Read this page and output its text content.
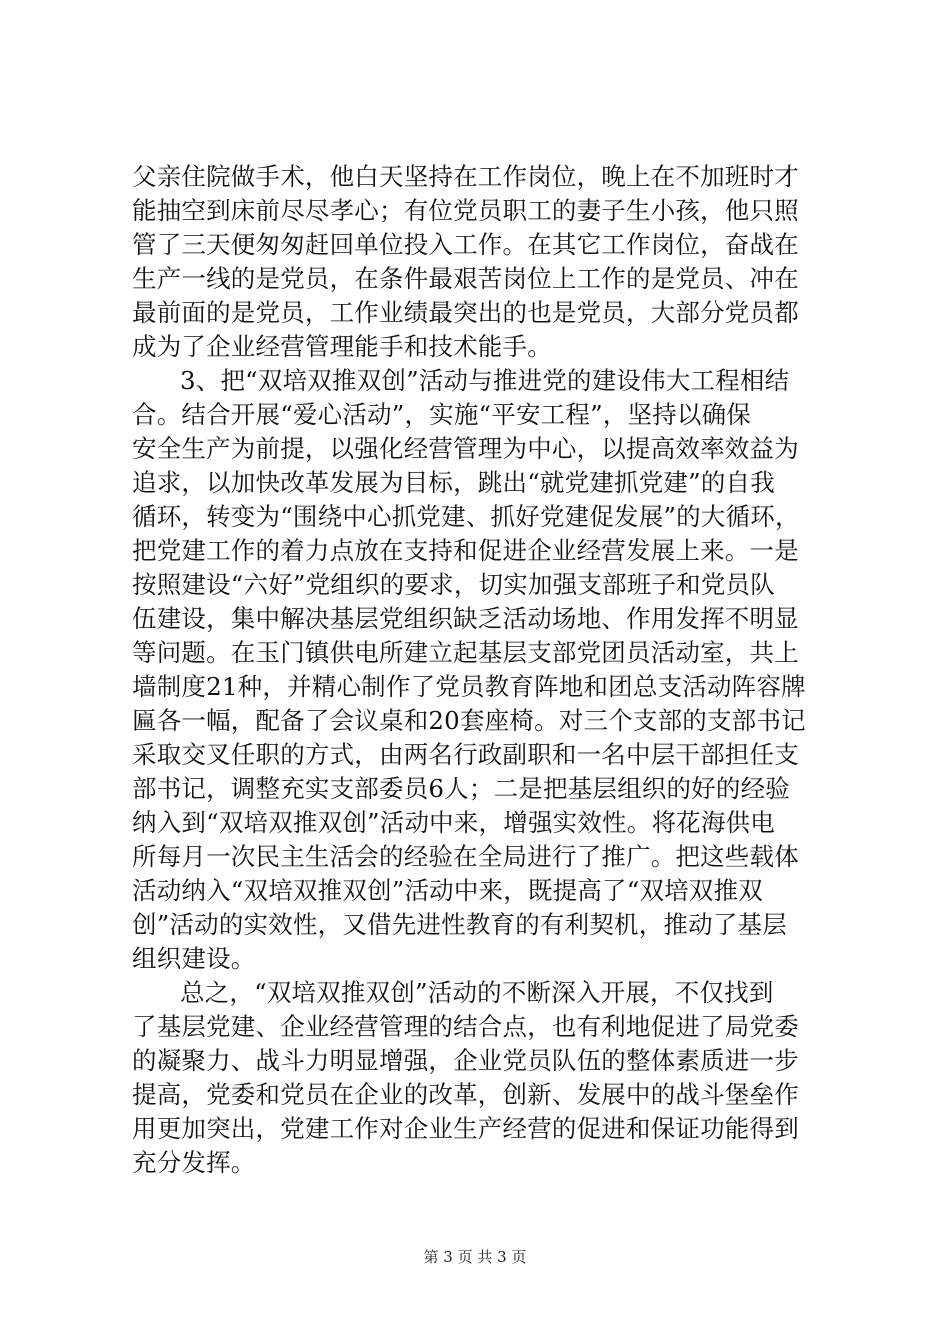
父亲住院做手术，他白天坚持在工作岗位，晚上在不加班时才
能抽空到床前尽尽孝心；有位党员职工的妻子生小孩，他只照
管了三天便匆匆赶回单位投入工作。在其它工作岗位，奋战在
生产一线的是党员，在条件最艰苦岗位上工作的是党员、冲在
最前面的是党员，工作业绩最突出的也是党员，大部分党员都
成为了企业经营管理能手和技术能手。
3、把“双培双推双创”活动与推进党的建设伟大工程相结
合。结合开展“爱心活动”，实施“平安工程”，坚持以确保
安全生产为前提，以强化经营管理为中心，以提高效率效益为
追求，以加快改革发展为目标，跳出“就党建抓党建”的自我
循环，转变为“围绕中心抓党建、抓好党建促发展”的大循环，
把党建工作的着力点放在支持和促进企业经营发展上来。一是
按照建设“六好”党组织的要求，切实加强支部班子和党员队
伍建设，集中解决基层党组织缺乏活动场地、作用发挥不明显
等问题。在玉门镇供电所建立起基层支部党团员活动室，共上
墙制度21种，并精心制作了党员教育阵地和团总支活动阵容牌
匾各一幅，配备了会议桌和20套座椅。对三个支部的支部书记
采取交叉任职的方式，由两名行政副职和一名中层干部担任支
部书记，调整充实支部委员6人；二是把基层组织的好的经验
纳入到“双培双推双创”活动中来，增强实效性。将花海供电
所每月一次民主生活会的经验在全局进行了推广。把这些载体
活动纳入“双培双推双创”活动中来，既提高了“双培双推双
创”活动的实效性，又借先进性教育的有利契机，推动了基层
组织建设。
总之，“双培双推双创”活动的不断深入开展，不仅找到
了基层党建、企业经营管理的结合点，也有利地促进了局党委
的凝聚力、战斗力明显增强，企业党员队伍的整体素质进一步
提高，党委和党员在企业的改革，创新、发展中的战斗堡垒作
用更加突出，党建工作对企业生产经营的促进和保证功能得到
充分发挥。
第 3 页 共 3 页
